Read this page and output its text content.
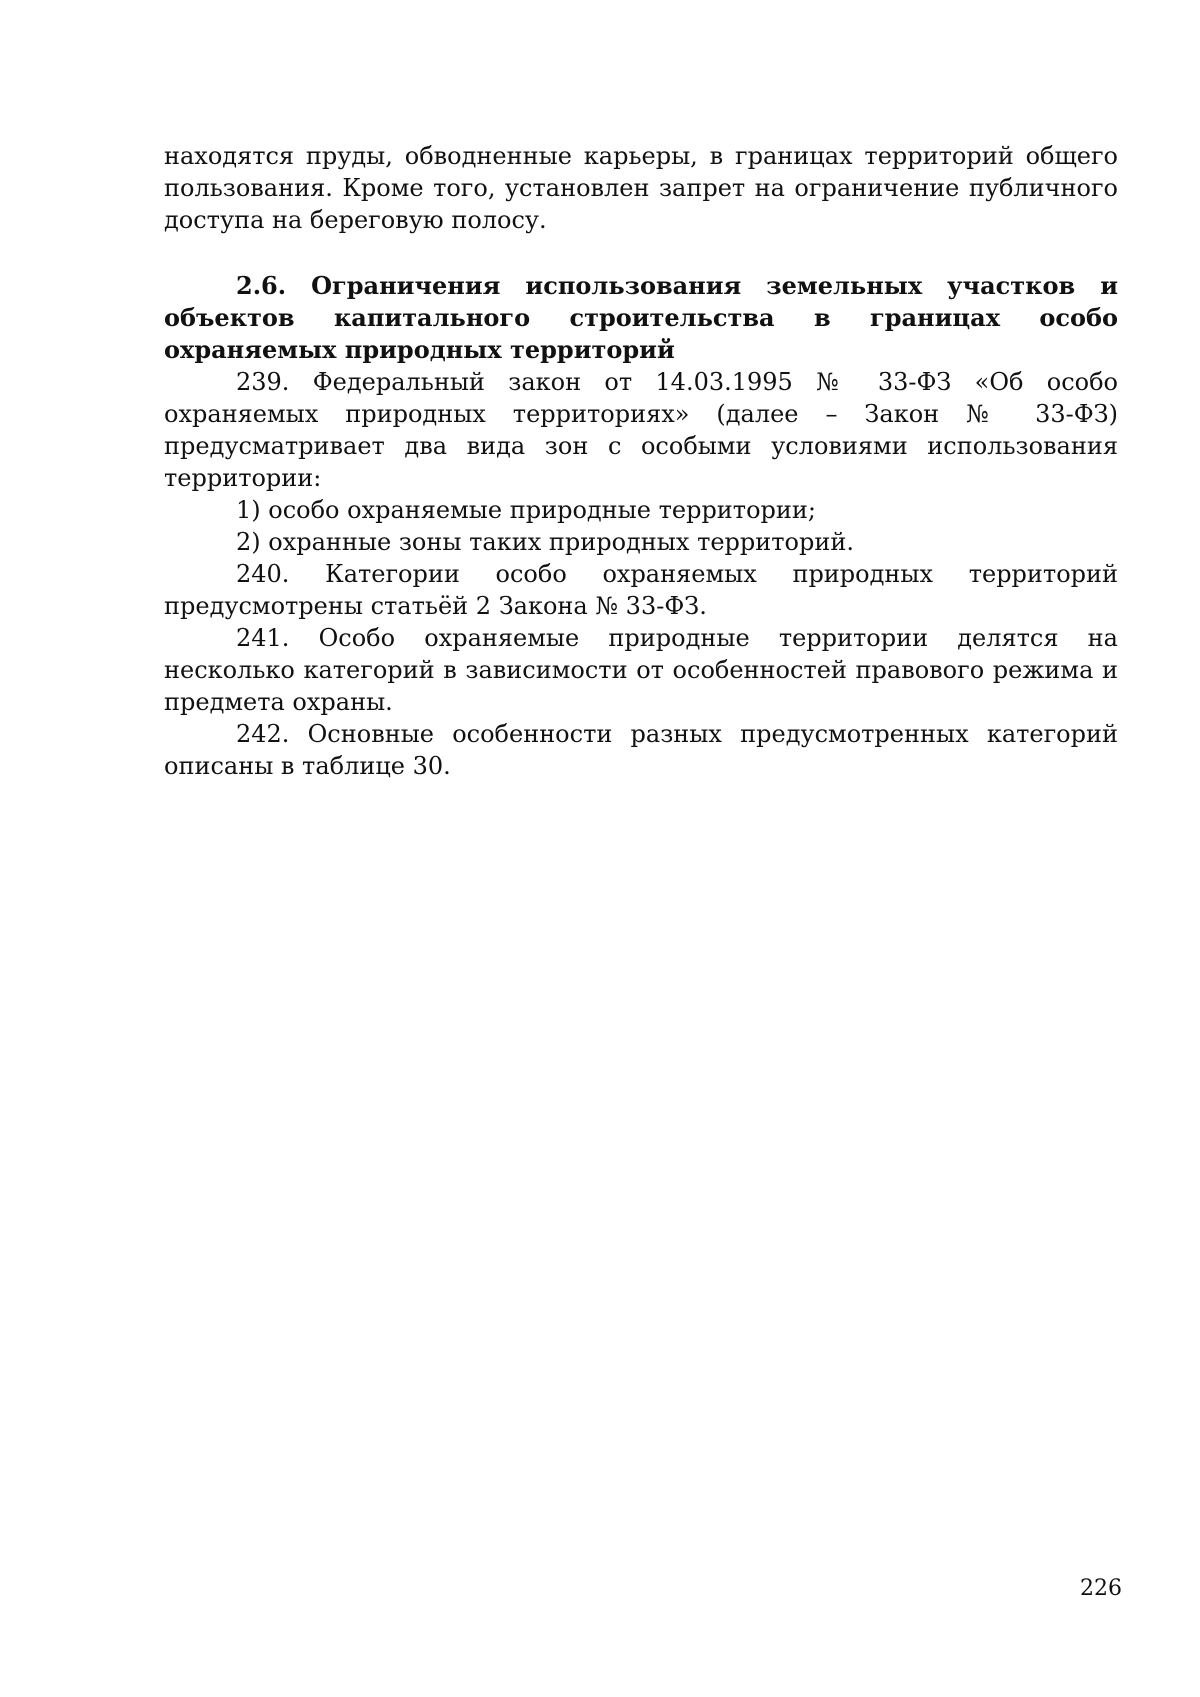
находятся пруды, обводненные карьеры, в границах территорий общего пользования. Кроме того, установлен запрет на ограничение публичного доступа на береговую полосу.

2.6. Ограничения использования земельных участков и объектов капитального строительства в границах особо охраняемых природных территорий

239. Федеральный закон от 14.03.1995 № 33-ФЗ «Об особо охраняемых природных территориях» (далее – Закон № 33-ФЗ) предусматривает два вида зон с особыми условиями использования территории:

1) особо охраняемые природные территории;

2) охранные зоны таких природных территорий.

240. Категории особо охраняемых природных территорий предусмотрены статьёй 2 Закона № 33-ФЗ.

241. Особо охраняемые природные территории делятся на несколько категорий в зависимости от особенностей правового режима и предмета охраны.

242. Основные особенности разных предусмотренных категорий описаны в таблице 30.

226
